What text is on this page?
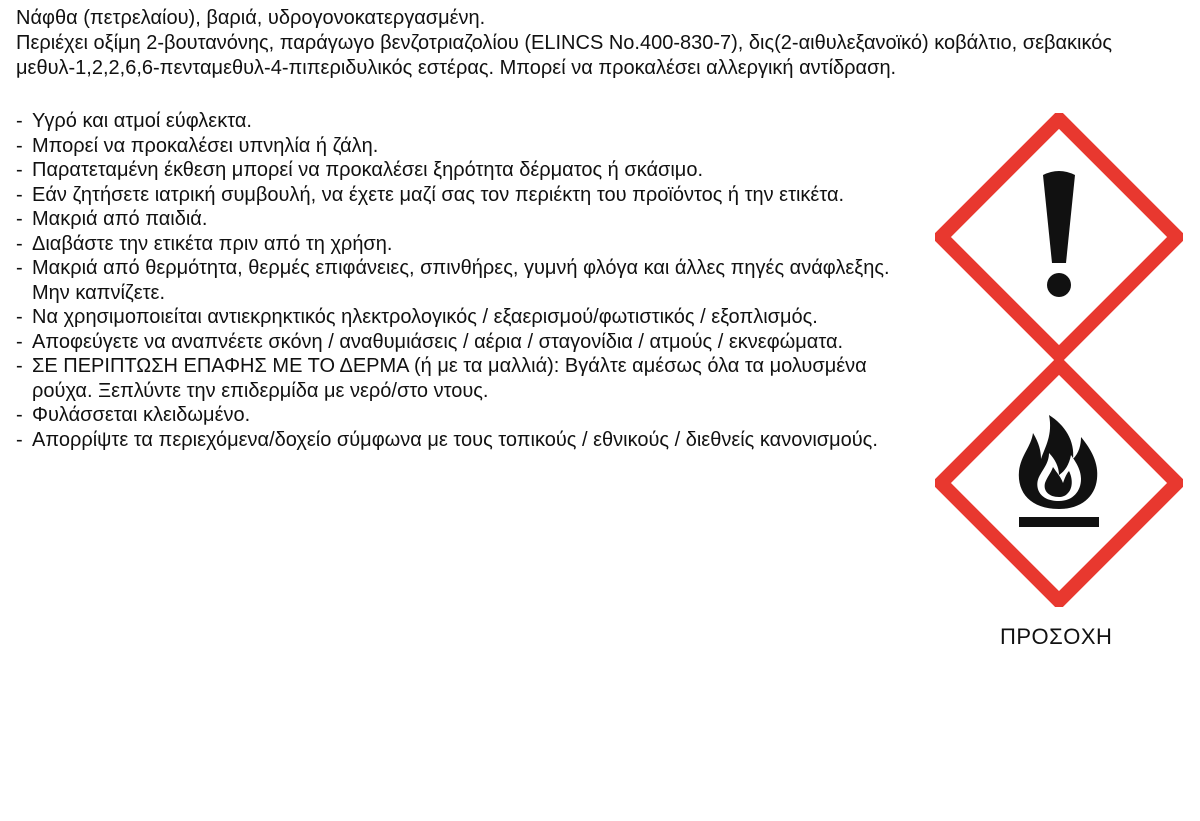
Νάφθα (πετρελαίου), βαριά, υδρογονοκατεργασμένη.

Περιέχει οξίμη 2-βουτανόνης, παράγωγο βενζοτριαζολίου (ELINCS No.400-830-7), δις(2-αιθυλεξανοϊκό) κοβάλτιο, σεβακικός μεθυλ-1,2,2,6,6-πενταμεθυλ-4-πιπεριδυλικός εστέρας. Μπορεί να προκαλέσει αλλεργική αντίδραση.

- Υγρό και ατμοί εύφλεκτα.
- Μπορεί να προκαλέσει υπνηλία ή ζάλη.
- Παρατεταμένη έκθεση μπορεί να προκαλέσει ξηρότητα δέρματος ή σκάσιμο.
- Εάν ζητήσετε ιατρική συμβουλή, να έχετε μαζί σας τον περιέκτη του προϊόντος ή την ετικέτα.
- Μακριά από παιδιά.
- Διαβάστε την ετικέτα πριν από τη χρήση.
- Μακριά από θερμότητα, θερμές επιφάνειες, σπινθήρες, γυμνή φλόγα και άλλες πηγές ανάφλεξης. Μην καπνίζετε.
- Να χρησιμοποιείται αντιεκρηκτικός ηλεκτρολογικός / εξαερισμού/φωτιστικός / εξοπλισμός.
- Αποφεύγετε να αναπνέετε σκόνη / αναθυμιάσεις / αέρια / σταγονίδια / ατμούς / εκνεφώματα.
- ΣΕ ΠΕΡΙΠΤΩΣΗ ΕΠΑΦΗΣ ΜΕ ΤΟ ΔΕΡΜΑ (ή με τα μαλλιά): Βγάλτε αμέσως όλα τα μολυσμένα ρούχα. Ξεπλύντε την επιδερμίδα με νερό/στο ντους.
- Φυλάσσεται κλειδωμένο.
- Απορρίψτε τα περιεχόμενα/δοχείο σύμφωνα με τους τοπικούς / εθνικούς / διεθνείς κανονισμούς.
ΠΡΟΣΟΧΗ
